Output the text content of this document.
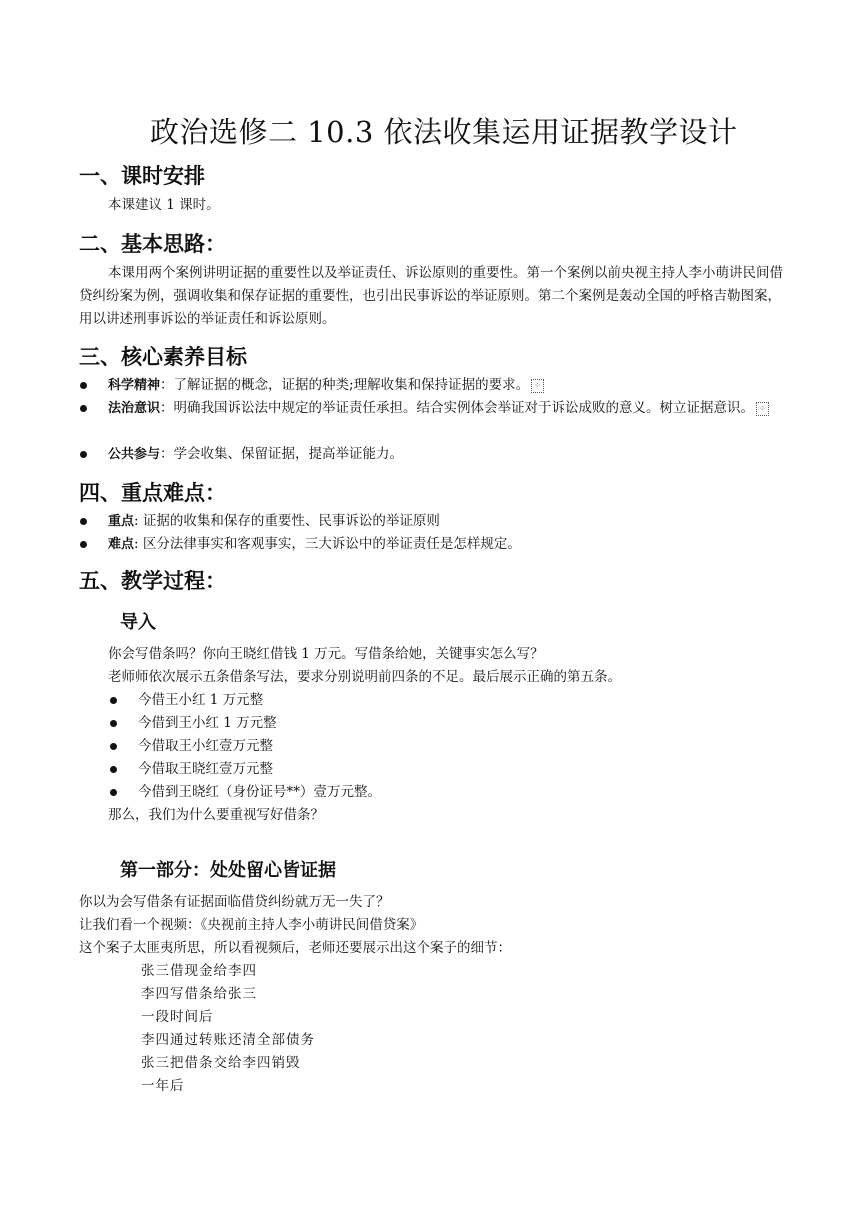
政治选修二 10.3 依法收集运用证据教学设计
一、课时安排

本课建议 1 课时。

二、基本思路：

本课用两个案例讲明证据的重要性以及举证责任、诉讼原则的重要性。第一个案例以前央视主持人李小萌讲民间借贷纠纷案为例，强调收集和保存证据的重要性，也引出民事诉讼的举证原则。第二个案例是轰动全国的呼格吉勒图案，用以讲述刑事诉讼的举证责任和诉讼原则。

三、核心素养目标
科学精神：了解证据的概念，证据的种类;理解收集和保持证据的要求。 ⁘
法治意识：明确我国诉讼法中规定的举证责任承担。结合实例体会举证对于诉讼成败的意义。树立证据意识。 ⁘
公共参与：学会收集、保留证据，提高举证能力。
四、重点难点：
重点: 证据的收集和保存的重要性、民事诉讼的举证原则
难点: 区分法律事实和客观事实，三大诉讼中的举证责任是怎样规定。
五、教学过程：
导入

你会写借条吗？你向王晓红借钱 1 万元。写借条给她，关键事实怎么写？

老师师依次展示五条借条写法，要求分别说明前四条的不足。最后展示正确的第五条。

今借王小红 1 万元整
今借到王小红 1 万元整
今借取王小红壹万元整
今借取王晓红壹万元整
今借到王晓红（身份证号**）壹万元整。

那么，我们为什么要重视写好借条？

第一部分：处处留心皆证据

你以为会写借条有证据面临借贷纠纷就万无一失了？

让我们看一个视频：《央视前主持人李小萌讲民间借贷案》

这个案子太匪夷所思，所以看视频后，老师还要展示出这个案子的细节：

张三借现金给李四

李四写借条给张三

一段时间后

李四通过转账还清全部债务

张三把借条交给李四销毁

一年后
